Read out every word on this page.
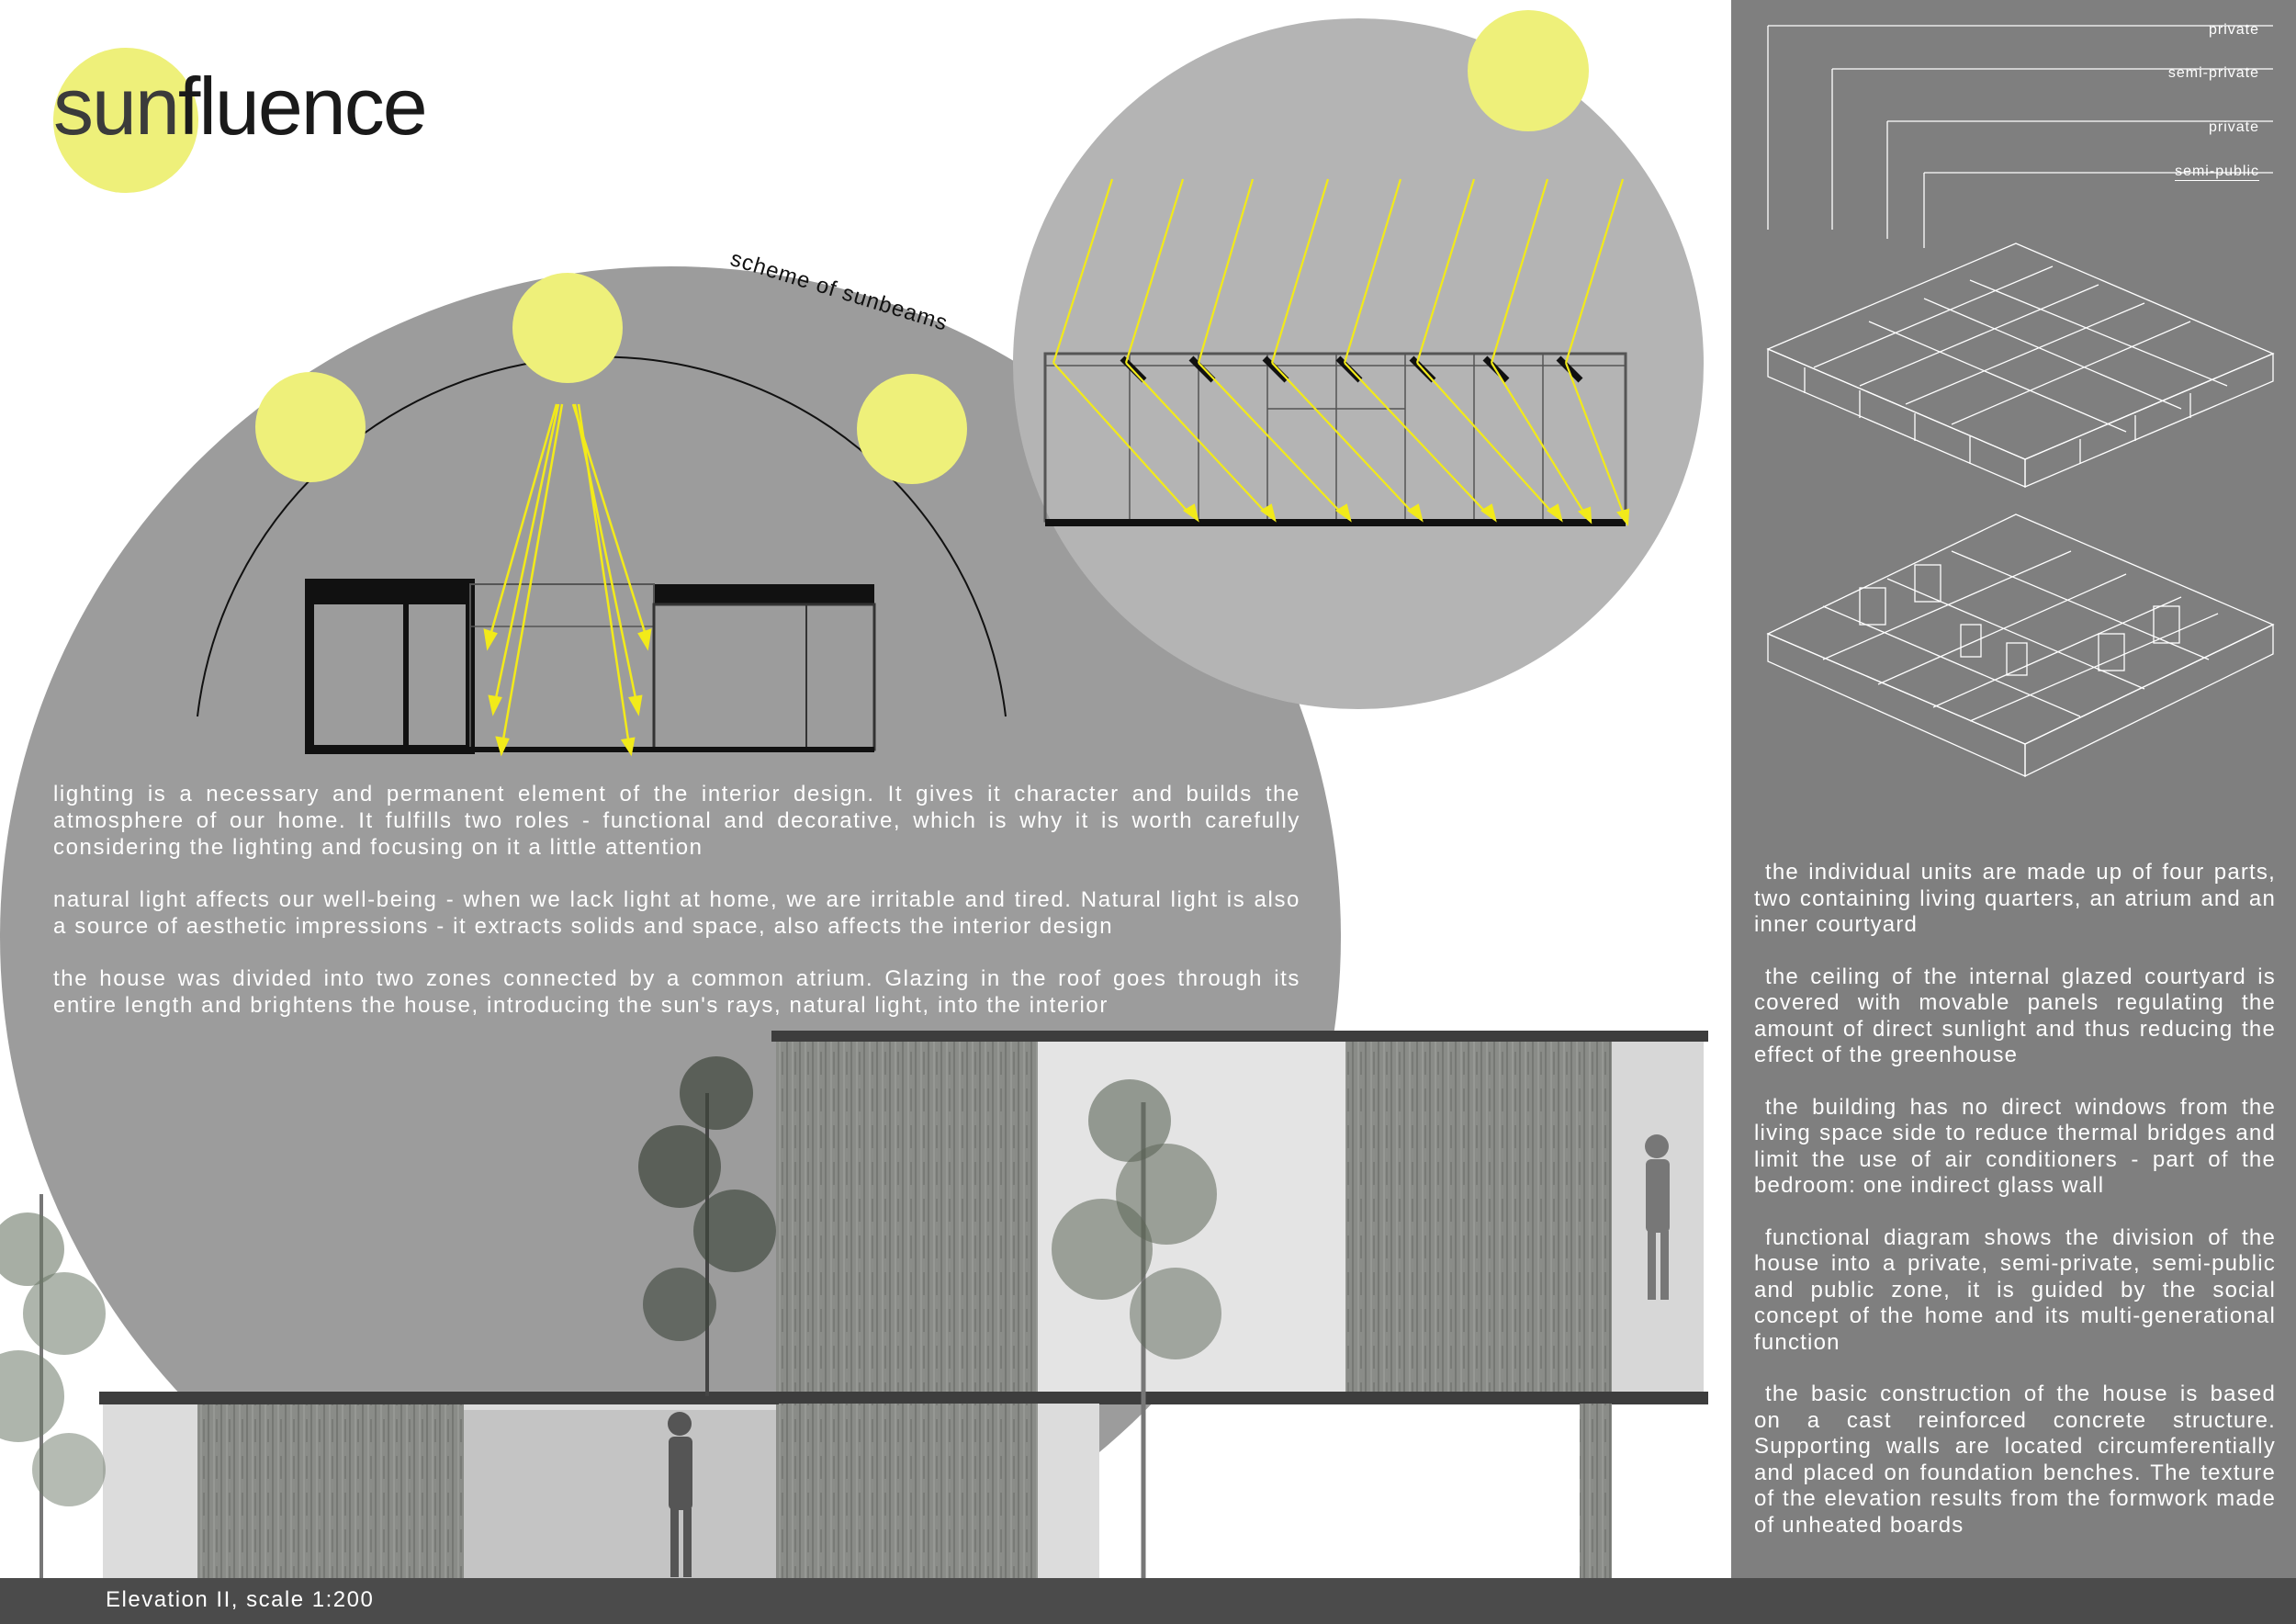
sunfluence
scheme of sunbeams

lighting is a necessary and permanent element of the interior design. It gives it character and builds the atmosphere of our home. It fulfills two roles - functional and decorative, which is why it is worth carefully considering the lighting and focusing on it a little attention

natural light affects our well-being - when we lack light at home, we are irritable and tired. Natural light is also a source of aesthetic impressions - it extracts solids and space, also affects the interior design

the house was divided into two zones connected by a common atrium. Glazing in the roof goes through its entire length and brightens the house, introducing the sun's rays, natural light, into the interior

private
semi-private
private
semi-public

the individual units are made up of four parts, two containing living quarters, an atrium and an inner courtyard

the ceiling of the internal glazed courtyard is covered with movable panels regulating the amount of direct sunlight and thus reducing the effect of the greenhouse

the building has no direct windows from the living space side to reduce thermal bridges and limit the use of air conditioners - part of the bedroom: one indirect glass wall

functional diagram shows the division of the house into a private, semi-private, semi-public and public zone, it is guided by the social concept of the home and its multi-generational function

the basic construction of the house is based on a cast reinforced concrete structure. Supporting walls are located circumferentially and placed on foundation benches. The texture of the elevation results from the formwork made of unheated boards

Elevation II, scale 1:200
